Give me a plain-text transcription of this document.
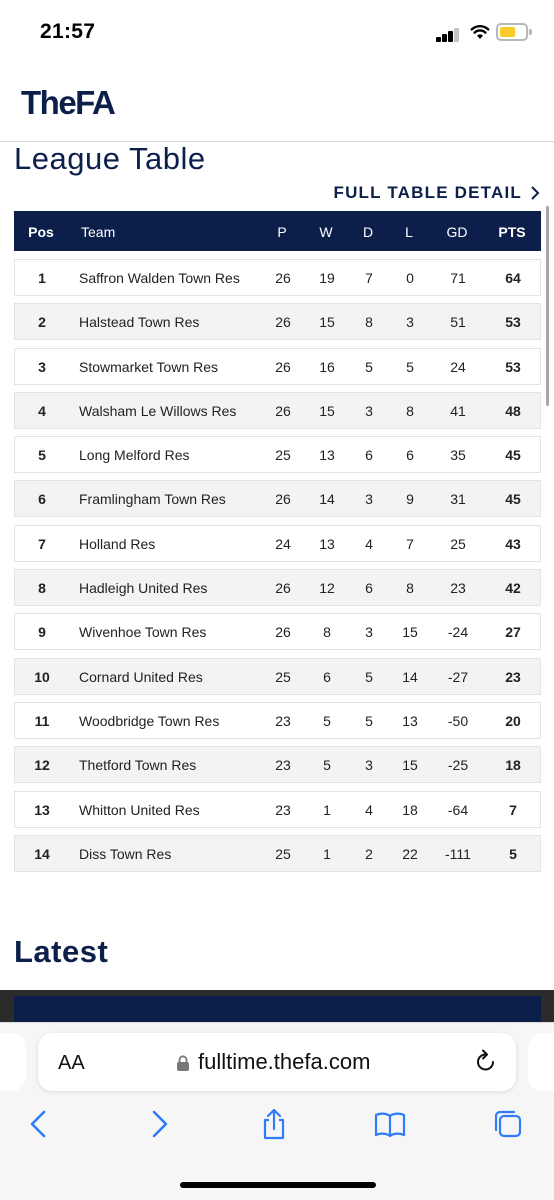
21:57
TheFA
League Table
FULL TABLE DETAIL
Pos	Team	P	W	D	L	GD	PTS
1	Saffron Walden Town Res	26	19	7	0	71	64
2	Halstead Town Res	26	15	8	3	51	53
3	Stowmarket Town Res	26	16	5	5	24	53
4	Walsham Le Willows Res	26	15	3	8	41	48
5	Long Melford Res	25	13	6	6	35	45
6	Framlingham Town Res	26	14	3	9	31	45
7	Holland Res	24	13	4	7	25	43
8	Hadleigh United Res	26	12	6	8	23	42
9	Wivenhoe Town Res	26	8	3	15	-24	27
10	Cornard United Res	25	6	5	14	-27	23
11	Woodbridge Town Res	23	5	5	13	-50	20
12	Thetford Town Res	23	5	3	15	-25	18
13	Whitton United Res	23	1	4	18	-64	7
14	Diss Town Res	25	1	2	22	-111	5
Latest
AA	fulltime.thefa.com
